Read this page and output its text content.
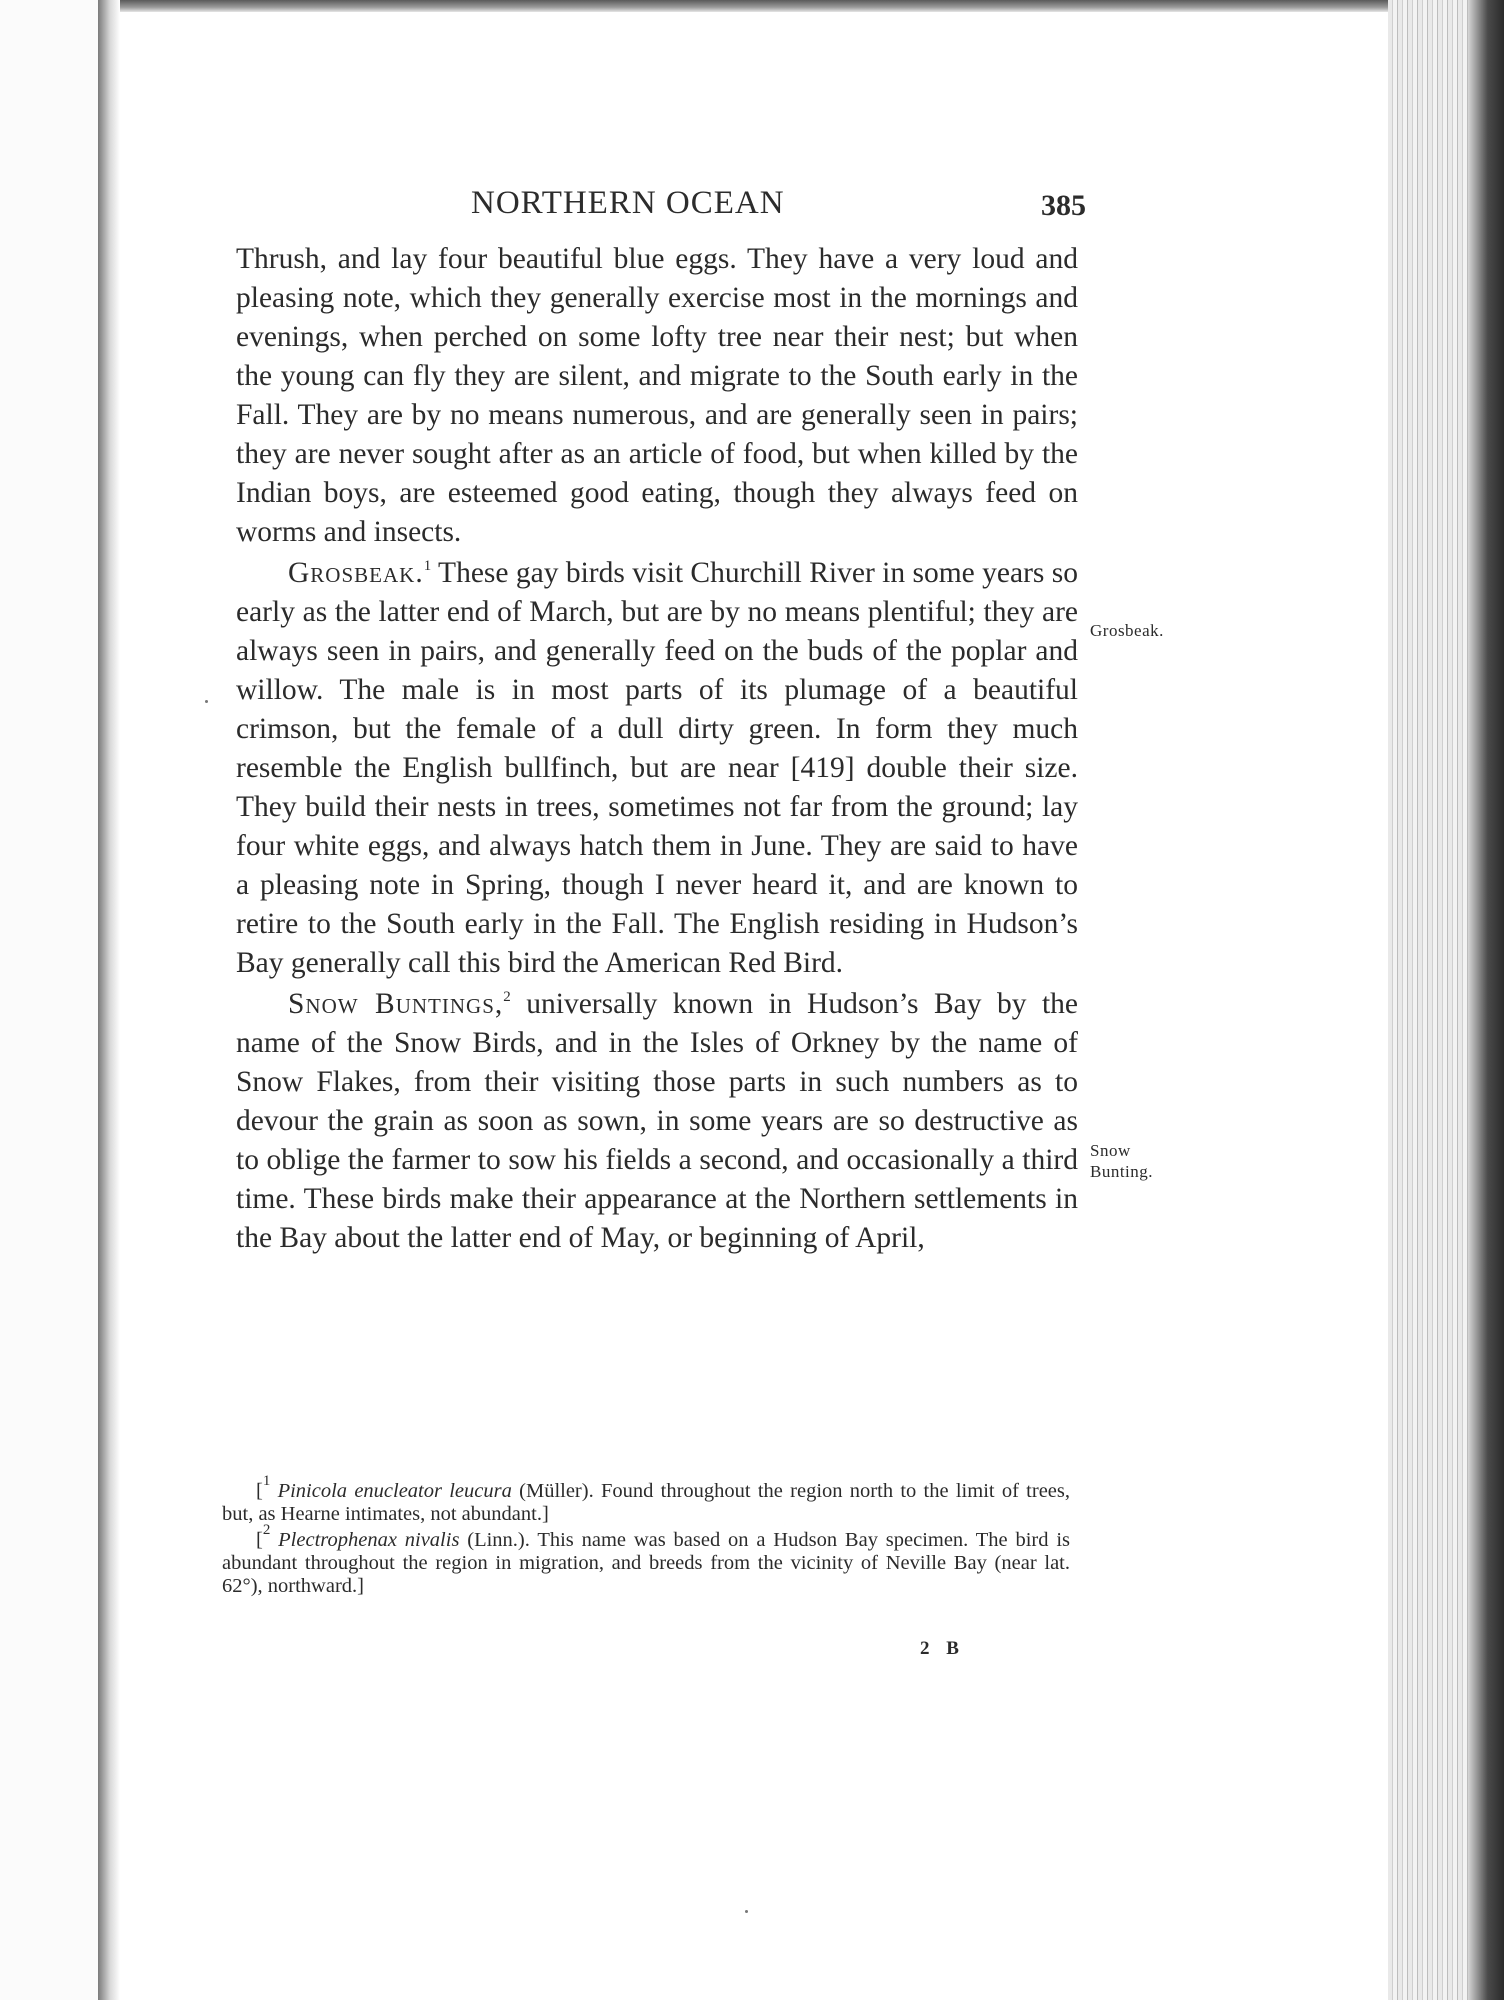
NORTHERN OCEAN	385

Thrush, and lay four beautiful blue eggs. They have a very loud and pleasing note, which they generally exercise most in the mornings and evenings, when perched on some lofty tree near their nest; but when the young can fly they are silent, and migrate to the South early in the Fall. They are by no means numerous, and are generally seen in pairs; they are never sought after as an article of food, but when killed by the Indian boys, are esteemed good eating, though they always feed on worms and insects.

Grosbeak.$^1$ These gay birds visit Churchill River in some years so early as the latter end of March, but are by no means plentiful; they are always seen in pairs, and generally feed on the buds of the poplar and willow. The male is in most parts of its plumage of a beautiful crimson, but the female of a dull dirty green. In form they much resemble the English bullfinch, but are near [419] double their size. They build their nests in trees, sometimes not far from the ground; lay four white eggs, and always hatch them in June. They are said to have a pleasing note in Spring, though I never heard it, and are known to retire to the South early in the Fall. The English residing in Hudson’s Bay generally call this bird the American Red Bird.

Snow Buntings,$^2$ universally known in Hudson’s Bay by the name of the Snow Birds, and in the Isles of Orkney by the name of Snow Flakes, from their visiting those parts in such numbers as to devour the grain as soon as sown, in some years are so destructive as to oblige the farmer to sow his fields a second, and occasionally a third time. These birds make their appearance at the Northern settlements in the Bay about the latter end of May, or beginning of April,

Grosbeak.
Snow
Bunting.

[$^1$ Pinicola enucleator leucura (Müller). Found throughout the region north to the limit of trees, but, as Hearne intimates, not abundant.]

[$^2$ Plectrophenax nivalis (Linn.). This name was based on a Hudson Bay specimen. The bird is abundant throughout the region in migration, and breeds from the vicinity of Neville Bay (near lat. 62°), northward.]

2 B
